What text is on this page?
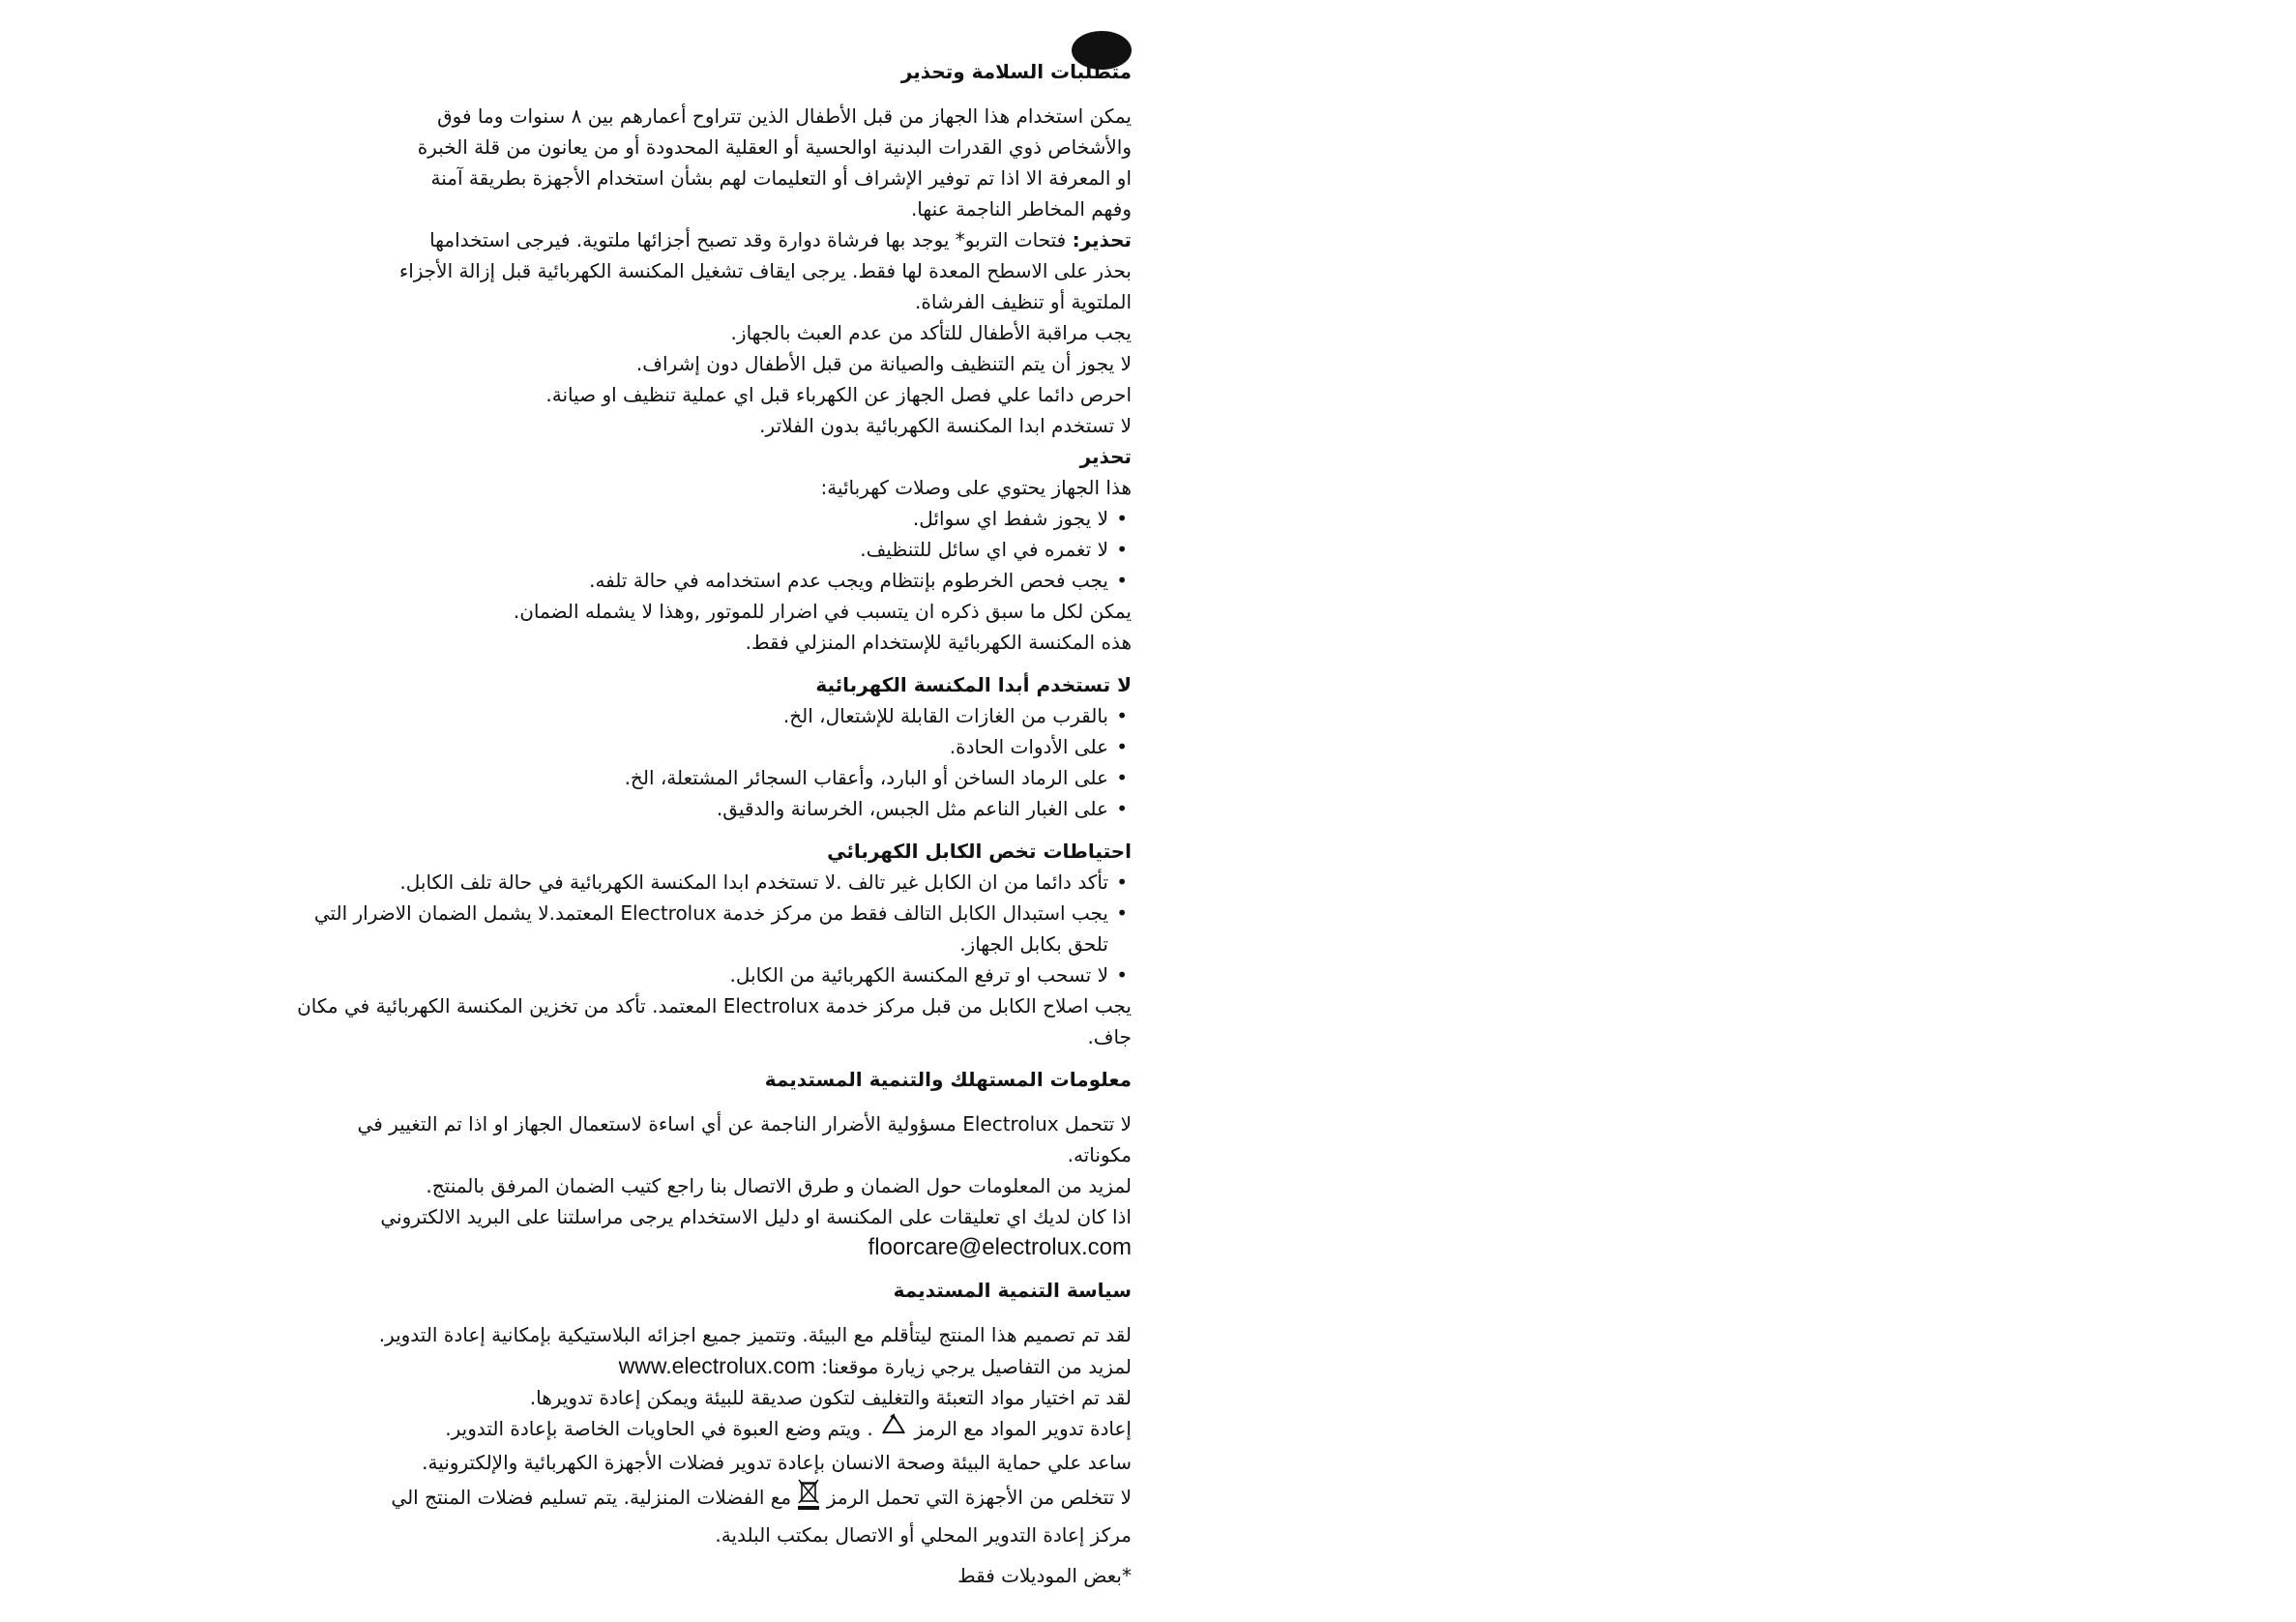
متطلبات السلامة وتحذير

يمكن استخدام هذا الجهاز من قبل الأطفال الذين تتراوح أعمارهم بين ٨ سنوات وما فوق

والأشخاص ذوي القدرات البدنية اوالحسية أو العقلية المحدودة أو من يعانون من قلة الخبرة

او المعرفة الا اذا تم توفير الإشراف أو التعليمات لهم بشأن استخدام الأجهزة بطريقة آمنة

وفهم المخاطر الناجمة عنها.

تحذير: فتحات التربو* يوجد بها فرشاة دوارة وقد تصبح أجزائها ملتوية. فيرجى استخدامها

بحذر على الاسطح المعدة لها فقط. يرجى ايقاف تشغيل المكنسة الكهربائية قبل إزالة الأجزاء

الملتوية أو تنظيف الفرشاة.

يجب مراقبة الأطفال للتأكد من عدم العبث بالجهاز.

لا يجوز أن يتم التنظيف والصيانة من قبل الأطفال دون إشراف.

احرص دائما علي فصل الجهاز عن الكهرباء قبل اي عملية تنظيف او صيانة.

لا تستخدم ابدا المكنسة الكهربائية بدون الفلاتر.

تحذير

هذا الجهاز يحتوي على وصلات كهربائية:

• لا يجوز شفط اي سوائل.
• لا تغمره في اي سائل للتنظيف.
• يجب فحص الخرطوم بإنتظام ويجب عدم استخدامه في حالة تلفه.

يمكن لكل ما سبق ذكره ان يتسبب في اضرار للموتور ,وهذا لا يشمله الضمان.

هذه المكنسة الكهربائية للإستخدام المنزلي فقط.

لا تستخدم أبدا المكنسة الكهربائية

• بالقرب من الغازات القابلة للإشتعال، الخ.
• على الأدوات الحادة.
• على الرماد الساخن أو البارد، وأعقاب السجائر المشتعلة، الخ.
• على الغبار الناعم مثل الجبس، الخرسانة والدقيق.

احتياطات تخص الكابل الكهربائي

• تأكد دائما من ان الكابل غير تالف .لا تستخدم ابدا المكنسة الكهربائية في حالة تلف الكابل.
• يجب استبدال الكابل التالف فقط من مركز خدمة Electrolux المعتمد.لا يشمل الضمان الاضرار التي تلحق بكابل الجهاز.
• لا تسحب او ترفع المكنسة الكهربائية من الكابل.

يجب اصلاح الكابل من قبل مركز خدمة Electrolux المعتمد. تأكد من تخزين المكنسة الكهربائية في مكان جاف.

معلومات المستهلك والتنمية المستديمة

لا تتحمل Electrolux مسؤولية الأضرار الناجمة عن أي اساءة لاستعمال الجهاز او اذا تم التغيير في مكوناته.

لمزيد من المعلومات حول الضمان و طرق الاتصال بنا راجع كتيب الضمان المرفق بالمنتج.

اذا كان لديك اي تعليقات على المكنسة او دليل الاستخدام يرجى مراسلتنا على البريد الالكتروني

floorcare@electrolux.com

سياسة التنمية المستديمة

لقد تم تصميم هذا المنتج ليتأقلم مع البيئة. وتتميز جميع اجزائه البلاستيكية بإمكانية إعادة التدوير.

لمزيد من التفاصيل يرجي زيارة موقعنا: www.electrolux.com

لقد تم اختيار مواد التعبئة والتغليف لتكون صديقة للبيئة ويمكن إعادة تدويرها.

إعادة تدوير المواد مع الرمز  . ويتم وضع العبوة في الحاويات الخاصة بإعادة التدوير.

ساعد علي حماية البيئة وصحة الانسان بإعادة تدوير فضلات الأجهزة الكهربائية والإلكترونية.

لا تتخلص من الأجهزة التي تحمل الرمز  مع الفضلات المنزلية. يتم تسليم فضلات المنتج الي

مركز إعادة التدوير المحلي أو الاتصال بمكتب البلدية.

*بعض الموديلات فقط
